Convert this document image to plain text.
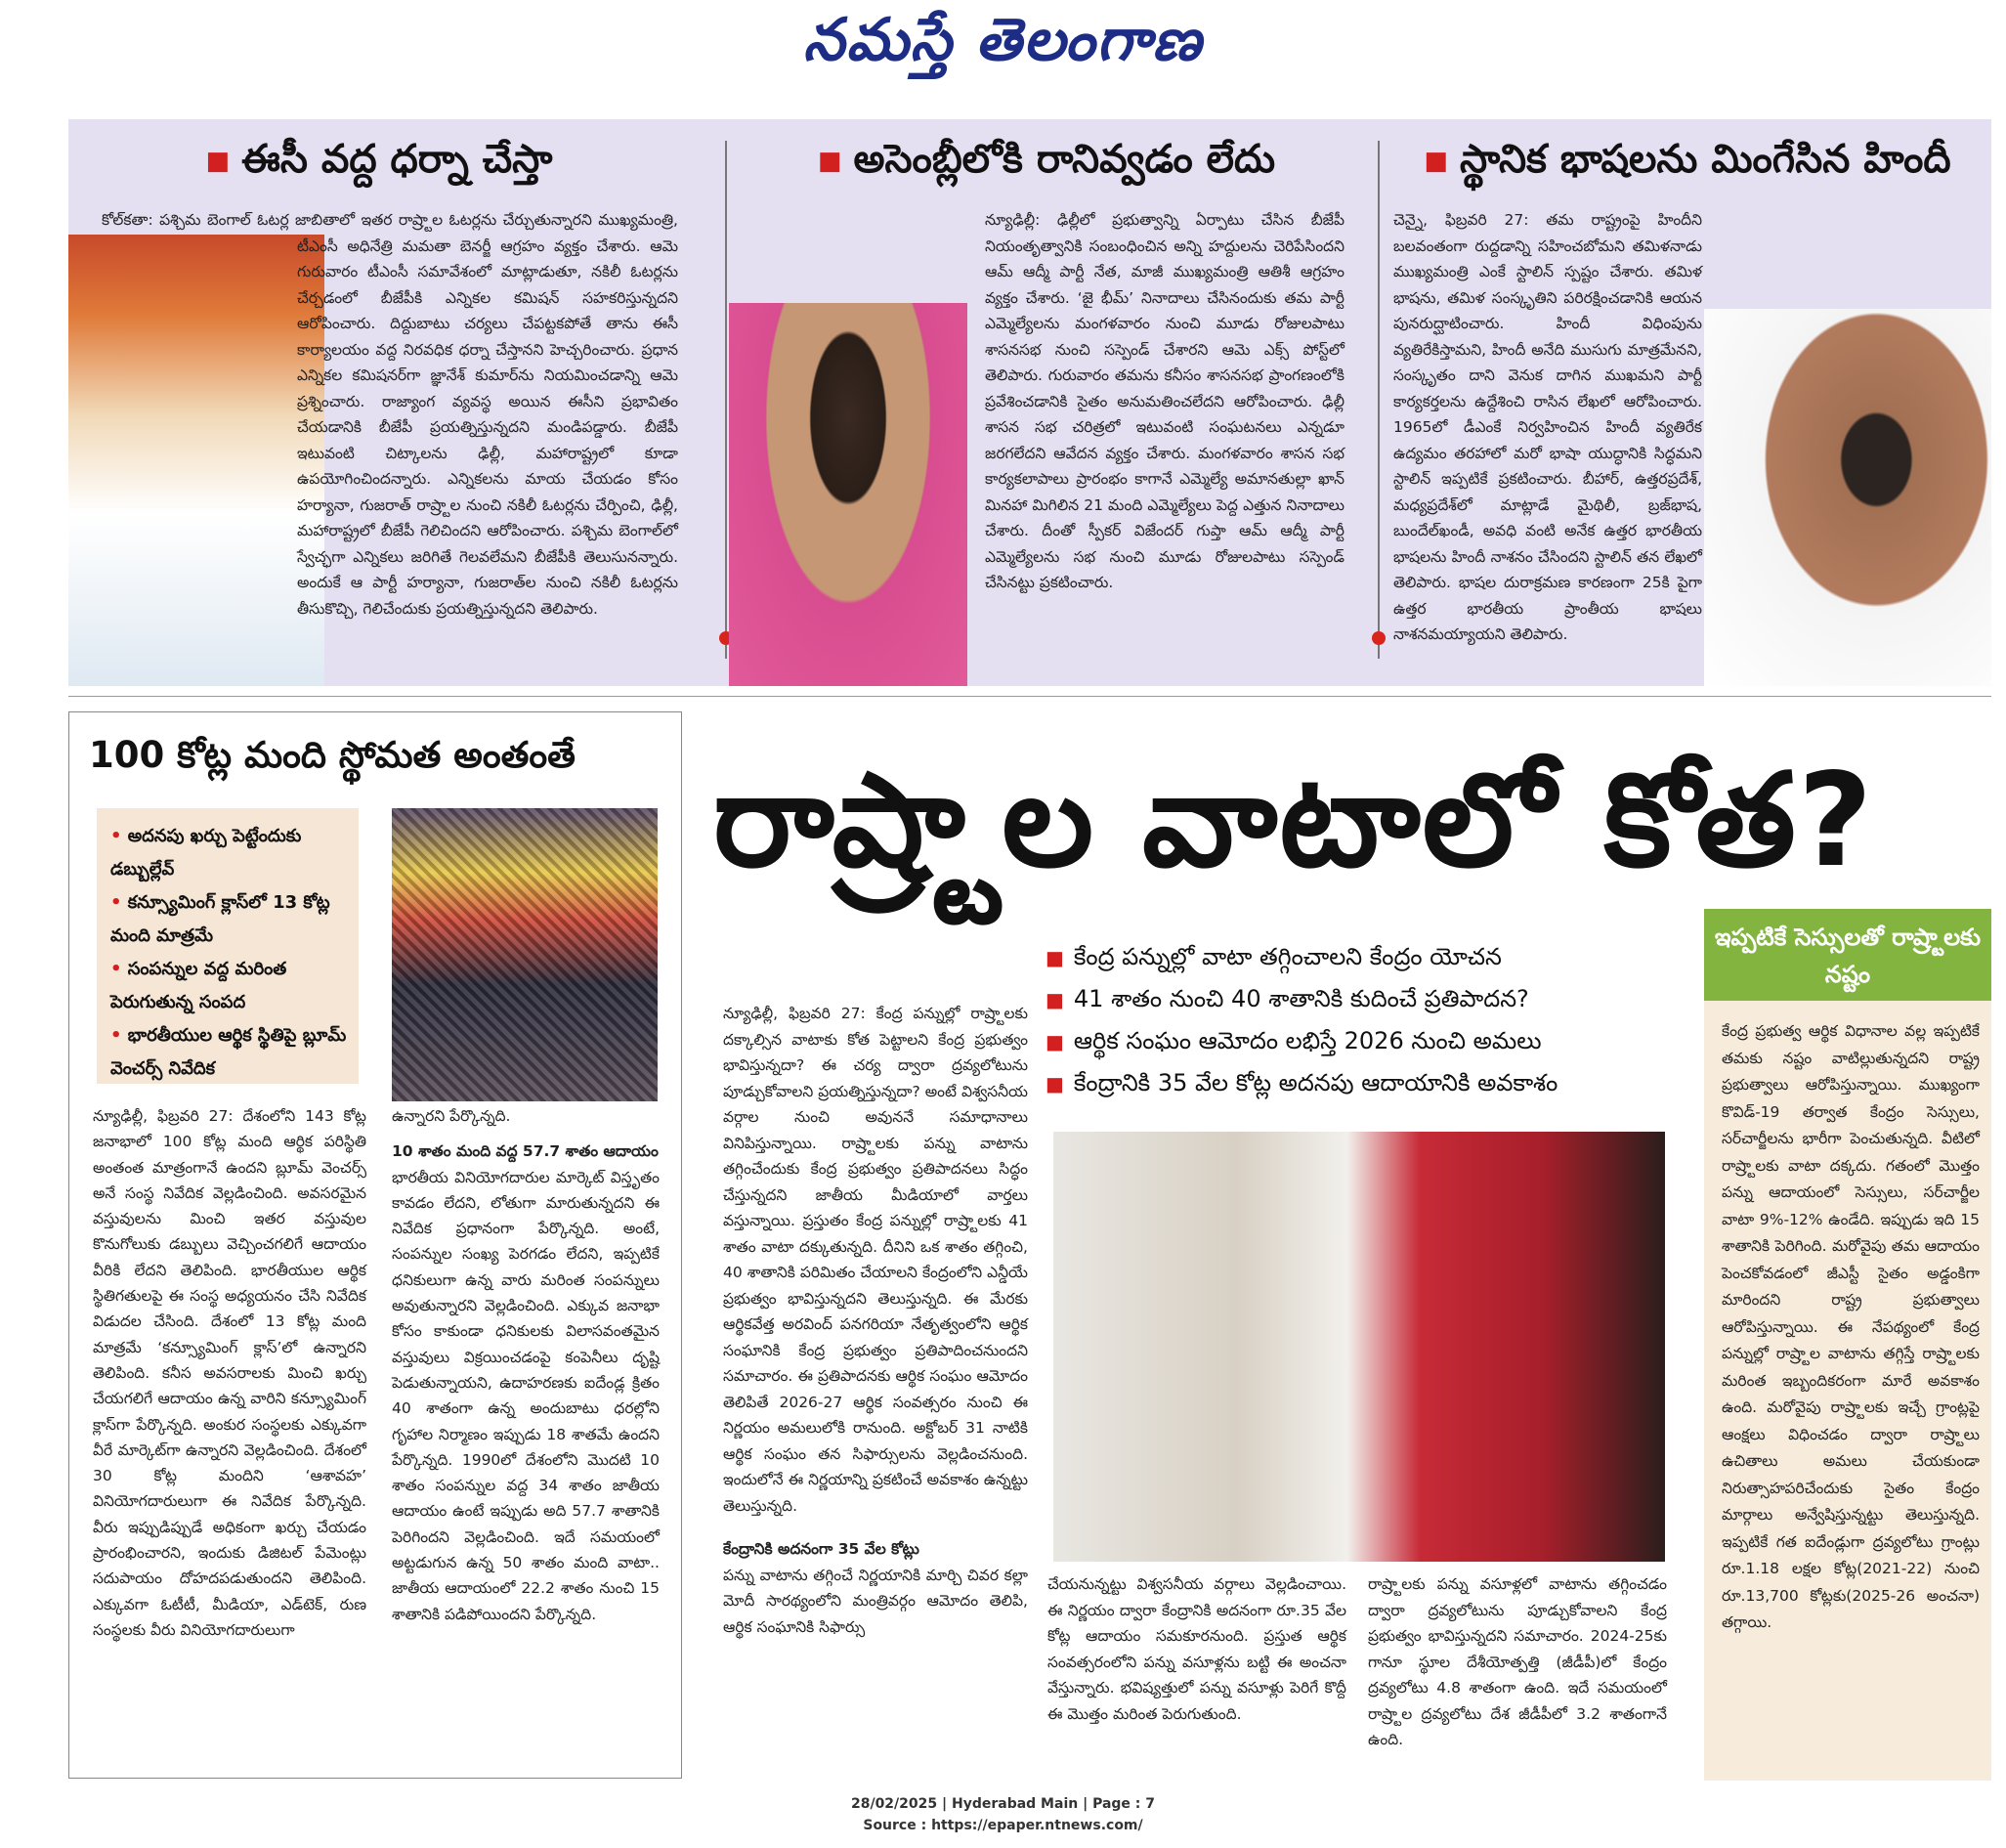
నమస్తే తెలంగాణ
■ ఈసీ వద్ద ధర్నా చేస్తా
కోల్‌కతా: పశ్చిమ బెంగాల్ ఓటర్ల జాబితాలో ఇతర రాష్ర్టాల ఓటర్లను చేర్చుతున్నారని ముఖ్యమంత్రి, టీఎంసీ అధినేత్రి మమతా బెనర్జీ ఆగ్రహం వ్యక్తం చేశారు. ఆమె గురువారం టీఎంసీ సమావేశంలో మాట్లాడుతూ, నకిలీ ఓటర్లను చేర్చడంలో బీజేపీకి ఎన్నికల కమిషన్ సహకరిస్తున్నదని ఆరోపించారు. దిద్దుబాటు చర్యలు చేపట్టకపోతే తాను ఈసీ కార్యాలయం వద్ద నిరవధిక ధర్నా చేస్తానని హెచ్చరించారు. ప్రధాన ఎన్నికల కమిషనర్‌గా జ్ఞానేశ్ కుమార్‌ను నియమించడాన్ని ఆమె ప్రశ్నించారు. రాజ్యాంగ వ్యవస్థ అయిన ఈసీని ప్రభావితం చేయడానికి బీజేపీ ప్రయత్నిస్తున్నదని మండిపడ్డారు. బీజేపీ ఇటువంటి చిట్కాలను ఢిల్లీ, మహారాష్ట్రలో కూడా ఉపయోగించిందన్నారు. ఎన్నికలను మాయ చేయడం కోసం హర్యానా, గుజరాత్ రాష్ర్టాల నుంచి నకిలీ ఓటర్లను చేర్పించి, ఢిల్లీ, మహారాష్ట్రలో బీజేపీ గెలిచిందని ఆరోపించారు. పశ్చిమ బెంగాల్‌లో స్వేచ్ఛగా ఎన్నికలు జరిగితే గెలవలేమని బీజేపీకి తెలుసునన్నారు. అందుకే ఆ పార్టీ హర్యానా, గుజరాత్‌ల నుంచి నకిలీ ఓటర్లను తీసుకొచ్చి, గెలిచేందుకు ప్రయత్నిస్తున్నదని తెలిపారు.
■ అసెంబ్లీలోకి రానివ్వడం లేదు
న్యూఢిల్లీ: ఢిల్లీలో ప్రభుత్వాన్ని ఏర్పాటు చేసిన బీజేపీ నియంతృత్వానికి సంబంధించిన అన్ని హద్దులను చెరిపేసిందని ఆమ్ ఆద్మీ పార్టీ నేత, మాజీ ముఖ్యమంత్రి ఆతిశీ ఆగ్రహం వ్యక్తం చేశారు. ‘జై భీమ్’ నినాదాలు చేసినందుకు తమ పార్టీ ఎమ్మెల్యేలను మంగళవారం నుంచి మూడు రోజులపాటు శాసనసభ నుంచి సస్పెండ్ చేశారని ఆమె ఎక్స్ పోస్ట్‌లో తెలిపారు. గురువారం తమను కనీసం శాసనసభ ప్రాంగణంలోకి ప్రవేశించడానికి సైతం అనుమతించలేదని ఆరోపించారు. ఢిల్లీ శాసన సభ చరిత్రలో ఇటువంటి సంఘటనలు ఎన్నడూ జరగలేదని ఆవేదన వ్యక్తం చేశారు. మంగళవారం శాసన సభ కార్యకలాపాలు ప్రారంభం కాగానే ఎమ్మెల్యే అమానతుల్లా ఖాన్ మినహా మిగిలిన 21 మంది ఎమ్మెల్యేలు పెద్ద ఎత్తున నినాదాలు చేశారు. దీంతో స్పీకర్ విజేందర్ గుప్తా ఆమ్ ఆద్మీ పార్టీ ఎమ్మెల్యేలను సభ నుంచి మూడు రోజులపాటు సస్పెండ్ చేసినట్టు ప్రకటించారు.
■ స్థానిక భాషలను మింగేసిన హిందీ
చెన్నై, ఫిబ్రవరి 27: తమ రాష్ట్రంపై హిందీని బలవంతంగా రుద్దడాన్ని సహించబోమని తమిళనాడు ముఖ్యమంత్రి ఎంకే స్టాలిన్ స్పష్టం చేశారు. తమిళ భాషను, తమిళ సంస్కృతిని పరిరక్షించడానికి ఆయన పునరుద్ఘాటించారు. హిందీ విధింపును వ్యతిరేకిస్తామని, హిందీ అనేది ముసుగు మాత్రమేనని, సంస్కృతం దాని వెనుక దాగిన ముఖమని పార్టీ కార్యకర్తలను ఉద్దేశించి రాసిన లేఖలో ఆరోపించారు. 1965లో డీఎంకే నిర్వహించిన హిందీ వ్యతిరేక ఉద్యమం తరహాలో మరో భాషా యుద్ధానికి సిద్ధమని స్టాలిన్ ఇప్పటికే ప్రకటించారు. బీహార్, ఉత్తరప్రదేశ్, మధ్యప్రదేశ్‌లో మాట్లాడే మైథిలీ, బ్రజ్‌భాష, బుందేల్‌ఖండీ, అవధి వంటి అనేక ఉత్తర భారతీయ భాషలను హిందీ నాశనం చేసిందని స్టాలిన్ తన లేఖలో తెలిపారు. భాషల దురాక్రమణ కారణంగా 25కి పైగా ఉత్తర భారతీయ ప్రాంతీయ భాషలు నాశనమయ్యాయని తెలిపారు.
100 కోట్ల మంది స్థోమత అంతంతే
• అదనపు ఖర్చు పెట్టేందుకు డబ్బుల్లేవ్
• కన్స్యూమింగ్ క్లాస్‌లో 13 కోట్ల మంది మాత్రమే
• సంపన్నుల వద్ద మరింత పెరుగుతున్న సంపద
• భారతీయుల ఆర్థిక స్థితిపై బ్లూమ్ వెంచర్స్ నివేదిక
న్యూఢిల్లీ, ఫిబ్రవరి 27: దేశంలోని 143 కోట్ల జనాభాలో 100 కోట్ల మంది ఆర్థిక పరిస్థితి అంతంత మాత్రంగానే ఉందని బ్లూమ్ వెంచర్స్ అనే సంస్థ నివేదిక వెల్లడించింది. అవసరమైన వస్తువులను మించి ఇతర వస్తువుల కొనుగోలుకు డబ్బులు వెచ్చించగలిగే ఆదాయం వీరికి లేదని తెలిపింది. భారతీయుల ఆర్థిక స్థితిగతులపై ఈ సంస్థ అధ్యయనం చేసి నివేదిక విడుదల చేసింది. దేశంలో 13 కోట్ల మంది మాత్రమే ‘కన్స్యూమింగ్ క్లాస్’లో ఉన్నారని తెలిపింది. కనీస అవసరాలకు మించి ఖర్చు చేయగలిగే ఆదాయం ఉన్న వారిని కన్స్యూమింగ్ క్లాస్‌గా పేర్కొన్నది. అంకుర సంస్థలకు ఎక్కువగా వీరే మార్కెట్‌గా ఉన్నారని వెల్లడించింది. దేశంలో 30 కోట్ల మందిని ‘ఆశావహ’ వినియోగదారులుగా ఈ నివేదిక పేర్కొన్నది. వీరు ఇప్పుడిప్పుడే అధికంగా ఖర్చు చేయడం ప్రారంభించారని, ఇందుకు డిజిటల్ పేమెంట్లు సదుపాయం దోహదపడుతుందని తెలిపింది. ఎక్కువగా ఓటీటీ, మీడియా, ఎడ్‌టెక్, రుణ సంస్థలకు వీరు వినియోగదారులుగా
ఉన్నారని పేర్కొన్నది.
10 శాతం మంది వద్ద 57.7 శాతం ఆదాయం
భారతీయ వినియోగదారుల మార్కెట్ విస్తృతం కావడం లేదని, లోతుగా మారుతున్నదని ఈ నివేదిక ప్రధానంగా పేర్కొన్నది. అంటే, సంపన్నుల సంఖ్య పెరగడం లేదని, ఇప్పటికే ధనికులుగా ఉన్న వారు మరింత సంపన్నులు అవుతున్నారని వెల్లడించింది. ఎక్కువ జనాభా కోసం కాకుండా ధనికులకు విలాసవంతమైన వస్తువులు విక్రయించడంపై కంపెనీలు దృష్టి పెడుతున్నాయని, ఉదాహరణకు ఐదేండ్ల క్రితం 40 శాతంగా ఉన్న అందుబాటు ధరల్లోని గృహాల నిర్మాణం ఇప్పుడు 18 శాతమే ఉందని పేర్కొన్నది. 1990లో దేశంలోని మొదటి 10 శాతం సంపన్నుల వద్ద 34 శాతం జాతీయ ఆదాయం ఉంటే ఇప్పుడు అది 57.7 శాతానికి పెరిగిందని వెల్లడించింది. ఇదే సమయంలో అట్టడుగున ఉన్న 50 శాతం మంది వాటా.. జాతీయ ఆదాయంలో 22.2 శాతం నుంచి 15 శాతానికి పడిపోయిందని పేర్కొన్నది.
రాష్ర్టాల వాటాలో కోత?
■ కేంద్ర పన్నుల్లో వాటా తగ్గించాలని కేంద్రం యోచన
■ 41 శాతం నుంచి 40 శాతానికి కుదించే ప్రతిపాదన?
■ ఆర్థిక సంఘం ఆమోదం లభిస్తే 2026 నుంచి అమలు
■ కేంద్రానికి 35 వేల కోట్ల అదనపు ఆదాయానికి అవకాశం
న్యూఢిల్లీ, ఫిబ్రవరి 27: కేంద్ర పన్నుల్లో రాష్ర్టాలకు దక్కాల్సిన వాటాకు కోత పెట్టాలని కేంద్ర ప్రభుత్వం భావిస్తున్నదా? ఈ చర్య ద్వారా ద్రవ్యలోటును పూడ్చుకోవాలని ప్రయత్నిస్తున్నదా? అంటే విశ్వసనీయ వర్గాల నుంచి అవుననే సమాధానాలు వినిపిస్తున్నాయి. రాష్ర్టాలకు పన్ను వాటాను తగ్గించేందుకు కేంద్ర ప్రభుత్వం ప్రతిపాదనలు సిద్ధం చేస్తున్నదని జాతీయ మీడియాలో వార్తలు వస్తున్నాయి. ప్రస్తుతం కేంద్ర పన్నుల్లో రాష్ర్టాలకు 41 శాతం వాటా దక్కుతున్నది. దీనిని ఒక శాతం తగ్గించి, 40 శాతానికి పరిమితం చేయాలని కేంద్రంలోని ఎన్డీయే ప్రభుత్వం భావిస్తున్నదని తెలుస్తున్నది. ఈ మేరకు ఆర్థికవేత్త అరవింద్ పనగరియా నేతృత్వంలోని ఆర్థిక సంఘానికి కేంద్ర ప్రభుత్వం ప్రతిపాదించనుందని సమాచారం. ఈ ప్రతిపాదనకు ఆర్థిక సంఘం ఆమోదం తెలిపితే 2026-27 ఆర్థిక సంవత్సరం నుంచి ఈ నిర్ణయం అమలులోకి రానుంది. అక్టోబర్ 31 నాటికి ఆర్థిక సంఘం తన సిఫార్సులను వెల్లడించనుంది. ఇందులోనే ఈ నిర్ణయాన్ని ప్రకటించే అవకాశం ఉన్నట్టు తెలుస్తున్నది.
కేంద్రానికి అదనంగా 35 వేల కోట్లు
పన్ను వాటాను తగ్గించే నిర్ణయానికి మార్చి చివర కల్లా మోదీ సారథ్యంలోని మంత్రివర్గం ఆమోదం తెలిపి, ఆర్థిక సంఘానికి సిఫార్సు
చేయనున్నట్టు విశ్వసనీయ వర్గాలు వెల్లడించాయి. ఈ నిర్ణయం ద్వారా కేంద్రానికి అదనంగా రూ.35 వేల కోట్ల ఆదాయం సమకూరనుంది. ప్రస్తుత ఆర్థిక సంవత్సరంలోని పన్ను వసూళ్లను బట్టి ఈ అంచనా వేస్తున్నారు. భవిష్యత్తులో పన్ను వసూళ్లు పెరిగే కొద్దీ ఈ మొత్తం మరింత పెరుగుతుంది.
రాష్ర్టాలకు పన్ను వసూళ్లలో వాటాను తగ్గించడం ద్వారా ద్రవ్యలోటును పూడ్చుకోవాలని కేంద్ర ప్రభుత్వం భావిస్తున్నదని సమాచారం. 2024-25కు గానూ స్థూల దేశీయోత్పత్తి (జీడీపీ)లో కేంద్రం ద్రవ్యలోటు 4.8 శాతంగా ఉంది. ఇదే సమయంలో రాష్ర్టాల ద్రవ్యలోటు దేశ జీడీపీలో 3.2 శాతంగానే ఉంది.
ఇప్పటికే సెస్సులతో రాష్ర్టాలకు నష్టం
కేంద్ర ప్రభుత్వ ఆర్థిక విధానాల వల్ల ఇప్పటికే తమకు నష్టం వాటిల్లుతున్నదని రాష్ట్ర ప్రభుత్వాలు ఆరోపిస్తున్నాయి. ముఖ్యంగా కొవిడ్-19 తర్వాత కేంద్రం సెస్సులు, సర్‌చార్జీలను భారీగా పెంచుతున్నది. వీటిలో రాష్ర్టాలకు వాటా దక్కదు. గతంలో మొత్తం పన్ను ఆదాయంలో సెస్సులు, సర్‌చార్జీల వాటా 9%-12% ఉండేది. ఇప్పుడు ఇది 15 శాతానికి పెరిగింది. మరోవైపు తమ ఆదాయం పెంచకోవడంలో జీఎస్టీ సైతం అడ్డంకిగా మారిందని రాష్ట్ర ప్రభుత్వాలు ఆరోపిస్తున్నాయి. ఈ నేపథ్యంలో కేంద్ర పన్నుల్లో రాష్ర్టాల వాటాను తగ్గిస్తే రాష్ర్టాలకు మరింత ఇబ్బందికరంగా మారే అవకాశం ఉంది. మరోవైపు రాష్ర్టాలకు ఇచ్చే గ్రాంట్లపై ఆంక్షలు విధించడం ద్వారా రాష్ర్టాలు ఉచితాలు అమలు చేయకుండా నిరుత్సాహపరిచేందుకు సైతం కేంద్రం మార్గాలు అన్వేషిస్తున్నట్టు తెలుస్తున్నది. ఇప్పటికే గత ఐదేండ్లుగా ద్రవ్యలోటు గ్రాంట్లు రూ.1.18 లక్షల కోట్ల(2021-22) నుంచి రూ.13,700 కోట్లకు(2025-26 అంచనా) తగ్గాయి.
28/02/2025 | Hyderabad Main | Page : 7
Source : https://epaper.ntnews.com/
